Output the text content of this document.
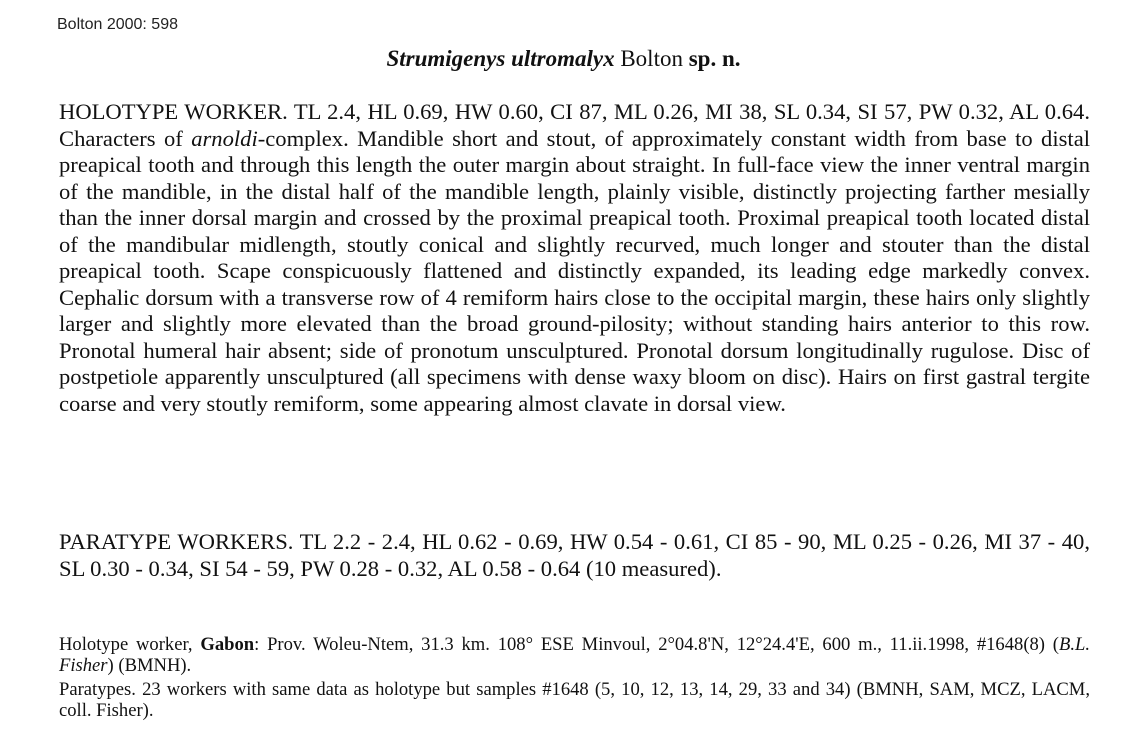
Bolton 2000: 598
Strumigenys ultromalyx Bolton sp. n.

HOLOTYPE WORKER. TL 2.4, HL 0.69, HW 0.60, CI 87, ML 0.26, MI 38, SL 0.34, SI 57, PW 0.32, AL 0.64. Characters of arnoldi-complex. Mandible short and stout, of approximately constant width from base to distal preapical tooth and through this length the outer margin about straight. In full-face view the inner ventral margin of the mandible, in the distal half of the mandible length, plainly visible, distinctly projecting farther mesially than the inner dorsal margin and crossed by the proximal preapical tooth. Proximal preapical tooth located distal of the mandibular midlength, stoutly conical and slightly recurved, much longer and stouter than the distal preapical tooth. Scape conspicuously flattened and distinctly expanded, its leading edge markedly convex. Cephalic dorsum with a transverse row of 4 remiform hairs close to the occipital margin, these hairs only slightly larger and slightly more elevated than the broad ground-pilosity; without standing hairs anterior to this row. Pronotal humeral hair absent; side of pronotum unsculptured. Pronotal dorsum longitudinally rugulose. Disc of postpetiole apparently unsculptured (all specimens with dense waxy bloom on disc). Hairs on first gastral tergite coarse and very stoutly remiform, some appearing almost clavate in dorsal view.

PARATYPE WORKERS. TL 2.2 - 2.4, HL 0.62 - 0.69, HW 0.54 - 0.61, CI 85 - 90, ML 0.25 - 0.26, MI 37 - 40, SL 0.30 - 0.34, SI 54 - 59, PW 0.28 - 0.32, AL 0.58 - 0.64 (10 measured).

Holotype worker, Gabon: Prov. Woleu-Ntem, 31.3 km. 108° ESE Minvoul, 2°04.8'N, 12°24.4'E, 600 m., 11.ii.1998, #1648(8) (B.L. Fisher) (BMNH).

Paratypes. 23 workers with same data as holotype but samples #1648 (5, 10, 12, 13, 14, 29, 33 and 34) (BMNH, SAM, MCZ, LACM, coll. Fisher).
